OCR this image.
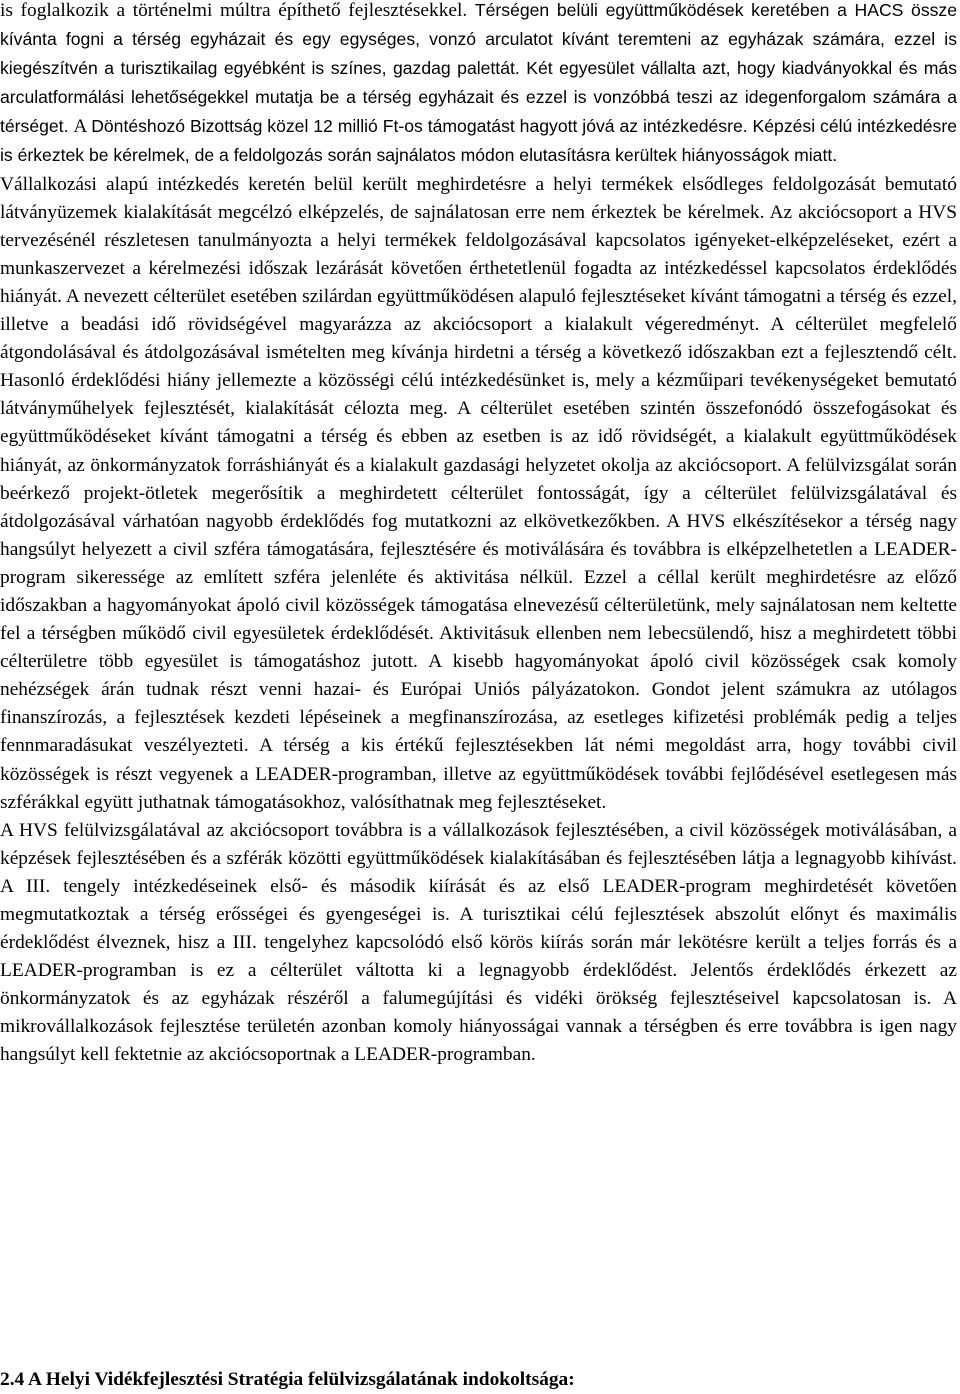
is foglalkozik a történelmi múltra építhető fejlesztésekkel. Térségen belüli együttműködések keretében a HACS össze kívánta fogni a térség egyházait és egy egységes, vonzó arculatot kívánt teremteni az egyházak számára, ezzel is kiegészítvén a turisztikailag egyébként is színes, gazdag palettát. Két egyesület vállalta azt, hogy kiadványokkal és más arculatformálási lehetőségekkel mutatja be a térség egyházait és ezzel is vonzóbbá teszi az idegenforgalom számára a térséget. A Döntéshozó Bizottság közel 12 millió Ft-os támogatást hagyott jóvá az intézkedésre. Képzési célú intézkedésre is érkeztek be kérelmek, de a feldolgozás során sajnálatos módon elutasításra kerültek hiányosságok miatt.

Vállalkozási alapú intézkedés keretén belül került meghirdetésre a helyi termékek elsődleges feldolgozását bemutató látványüzemek kialakítását megcélzó elképzelés, de sajnálatosan erre nem érkeztek be kérelmek. Az akciócsoport a HVS tervezésénél részletesen tanulmányozta a helyi termékek feldolgozásával kapcsolatos igényeket-elképzeléseket, ezért a munkaszervezet a kérelmezési időszak lezárását követően érthetetlenül fogadta az intézkedéssel kapcsolatos érdeklődés hiányát. A nevezett célterület esetében szilárdan együttműködésen alapuló fejlesztéseket kívánt támogatni a térség és ezzel, illetve a beadási idő rövidségével magyarázza az akciócsoport a kialakult végeredményt. A célterület megfelelő átgondolásával és átdolgozásával ismételten meg kívánja hirdetni a térség a következő időszakban ezt a fejlesztendő célt. Hasonló érdeklődési hiány jellemezte a közösségi célú intézkedésünket is, mely a kézműipari tevékenységeket bemutató látványműhelyek fejlesztését, kialakítását célozta meg. A célterület esetében szintén összefonódó összefogásokat és együttműködéseket kívánt támogatni a térség és ebben az esetben is az idő rövidségét, a kialakult együttműködések hiányát, az önkormányzatok forráshiányát és a kialakult gazdasági helyzetet okolja az akciócsoport. A felülvizsgálat során beérkező projekt-ötletek megerősítik a meghirdetett célterület fontosságát, így a célterület felülvizsgálatával és átdolgozásával várhatóan nagyobb érdeklődés fog mutatkozni az elkövetkezőkben. A HVS elkészítésekor a térség nagy hangsúlyt helyezett a civil szféra támogatására, fejlesztésére és motiválására és továbbra is elképzelhetetlen a LEADER-program sikeressége az említett szféra jelenléte és aktivitása nélkül. Ezzel a céllal került meghirdetésre az előző időszakban a hagyományokat ápoló civil közösségek támogatása elnevezésű célterületünk, mely sajnálatosan nem keltette fel a térségben működő civil egyesületek érdeklődését. Aktivitásuk ellenben nem lebecsülendő, hisz a meghirdetett többi célterületre több egyesület is támogatáshoz jutott. A kisebb hagyományokat ápoló civil közösségek csak komoly nehézségek árán tudnak részt venni hazai- és Európai Uniós pályázatokon. Gondot jelent számukra az utólagos finanszírozás, a fejlesztések kezdeti lépéseinek a megfinanszírozása, az esetleges kifizetési problémák pedig a teljes fennmaradásukat veszélyezteti. A térség a kis értékű fejlesztésekben lát némi megoldást arra, hogy további civil közösségek is részt vegyenek a LEADER-programban, illetve az együttműködések további fejlődésével esetlegesen más szférákkal együtt juthatnak támogatásokhoz, valósíthatnak meg fejlesztéseket.

A HVS felülvizsgálatával az akciócsoport továbbra is a vállalkozások fejlesztésében, a civil közösségek motiválásában, a képzések fejlesztésében és a szférák közötti együttműködések kialakításában és fejlesztésében látja a legnagyobb kihívást. A III. tengely intézkedéseinek első- és második kiírását és az első LEADER-program meghirdetését követően megmutatkoztak a térség erősségei és gyengeségei is. A turisztikai célú fejlesztések abszolút előnyt és maximális érdeklődést élveznek, hisz a III. tengelyhez kapcsolódó első körös kiírás során már lekötésre került a teljes forrás és a LEADER-programban is ez a célterület váltotta ki a legnagyobb érdeklődést. Jelentős érdeklődés érkezett az önkormányzatok és az egyházak részéről a falumegújítási és vidéki örökség fejlesztéseivel kapcsolatosan is. A mikrovállalkozások fejlesztése területén azonban komoly hiányosságai vannak a térségben és erre továbbra is igen nagy hangsúlyt kell fektetnie az akciócsoportnak a LEADER-programban.

2.4 A Helyi Vidékfejlesztési Stratégia felülvizsgálatának indokoltsága:
